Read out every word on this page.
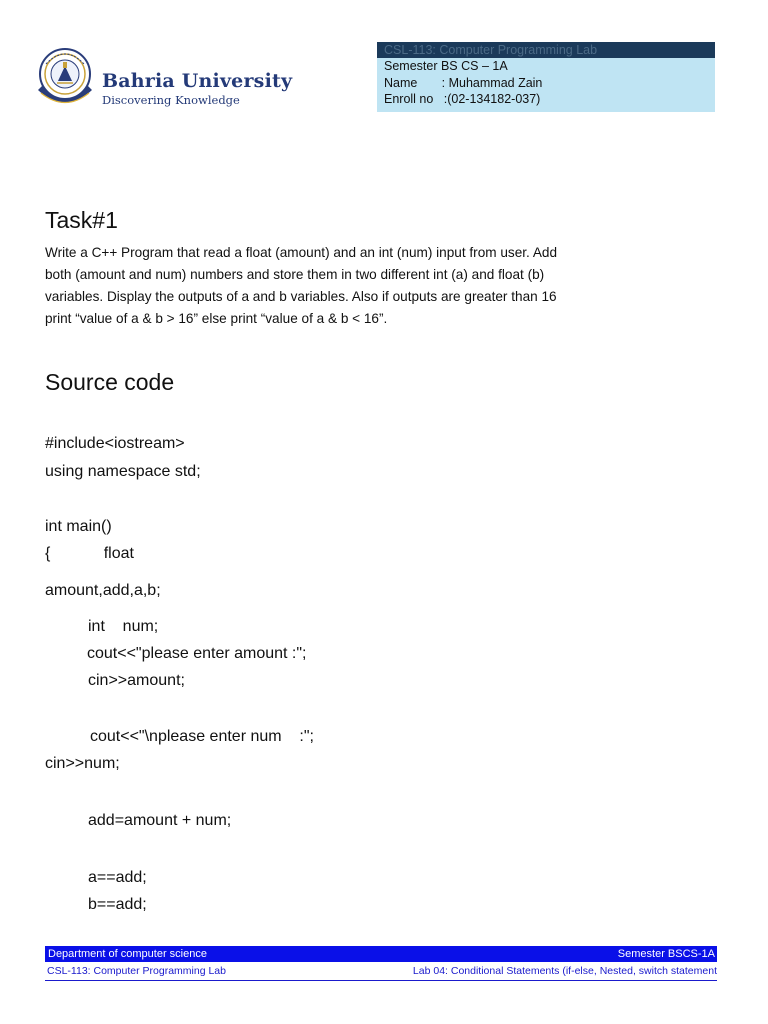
Bahria University
Discovering Knowledge
CSL-113: Computer Programming Lab
Semester BS CS – 1A
Name       : Muhammad Zain
Enroll no   :(02-134182-037)
Task#1
Write a C++ Program that read a float (amount) and an int (num) input from user. Add
both (amount and num) numbers and store them in two different int (a) and float (b)
variables. Display the outputs of a and b variables. Also if outputs are greater than 16
print “value of a & b > 16” else print “value of a & b < 16”.
Source code
#include<iostream>
using namespace std;
int main()
{            float
amount,add,a,b;
int    num;
cout<<"please enter amount :";
cin>>amount;
cout<<"\nplease enter num    :";
cin>>num;
add=amount + num;
a==add;
b==add;
Department of computer science	Semester BSCS-1A
CSL-113: Computer Programming Lab	Lab 04: Conditional Statements (if-else, Nested, switch statement
